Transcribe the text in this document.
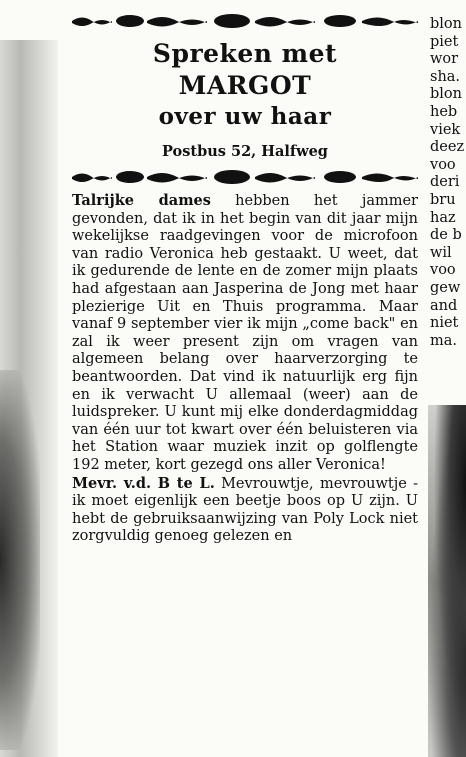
Spreken met
MARGOT
over uw haar
Postbus 52, Halfweg

Talrijke dames hebben het jammer gevonden, dat ik in het begin van dit jaar mijn wekelijkse raadgevingen voor de microfoon van radio Veronica heb gestaakt. U weet, dat ik gedurende de lente en de zomer mijn plaats had afgestaan aan Jasperina de Jong met haar plezierige Uit en Thuis programma. Maar vanaf 9 september vier ik mijn „come back" en zal ik weer present zijn om vragen van algemeen belang over haarverzorging te beantwoorden. Dat vind ik natuurlijk erg fijn en ik verwacht U allemaal (weer) aan de luidspreker. U kunt mij elke donderdagmiddag van één uur tot kwart over één beluisteren via het Station waar muziek inzit op golflengte 192 meter, kort gezegd ons aller Veronica!

Mevr. v.d. B te L. Mevrouwtje, mevrouwtje - ik moet eigenlijk een beetje boos op U zijn. U hebt de gebruiksaanwijzing van Poly Lock niet zorgvuldig genoeg gelezen en

blon
piet
wor
sha.
blon
heb
viek
deez
voo
deri
bru
haz
de b
wil
voo
gew
and
niet
ma.
